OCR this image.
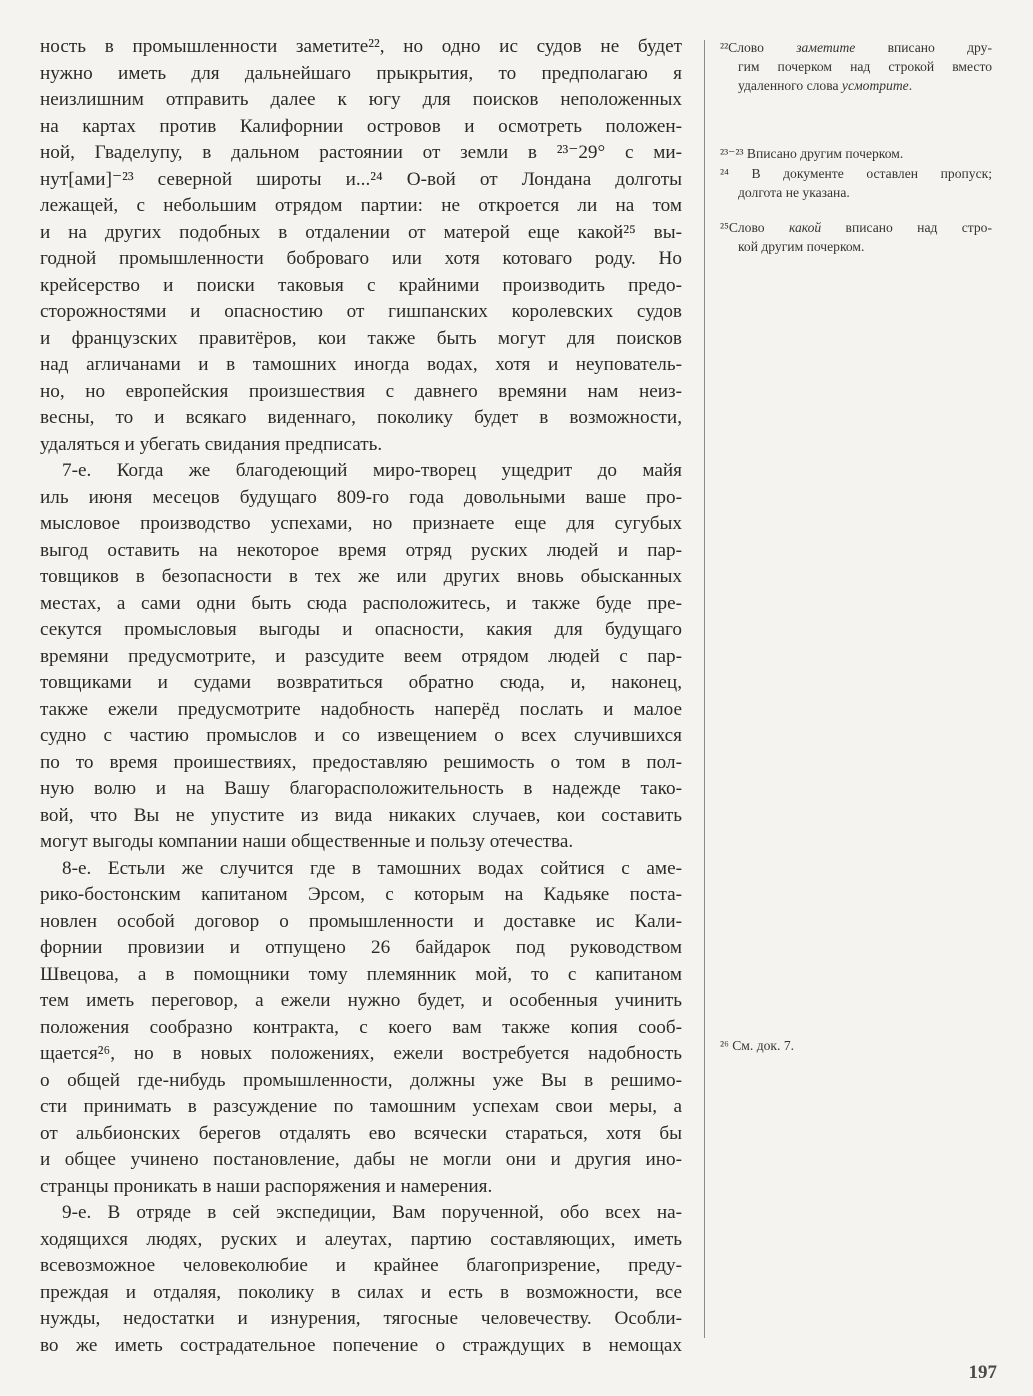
ность в промышленности заметите²², но одно ис судов не будет
нужно иметь для дальнейшаго прыкрытия, то предполагаю я
неизлишним отправить далее к югу для поисков неположенных
на картах против Калифорнии островов и осмотреть положен-
ной, Гваделупу, в дальном растоянии от земли в ²³⁻29° с ми-
нут[ами]⁻²³ северной широты и...²⁴ О-вой от Лондана долготы
лежащей, с небольшим отрядом партии: не откроется ли на том
и на других подобных в отдалении от матерой еще какой²⁵ вы-
годной промышленности боброваго или хотя котоваго роду. Но
крейсерство и поиски таковыя с крайними производить предо-
сторожностями и опасностию от гишпанских королевских судов
и французских правитёров, кои также быть могут для поисков
над агличанами и в тамошних иногда водах, хотя и неупователь-
но, но европейския произшествия с давнего времяни нам неиз-
весны, то и всякаго виденнаго, поколику будет в возможности,
удаляться и убегать свидания предписать.
7-е. Когда же благодеющий миро-творец ущедрит до майя
иль июня месецов будущаго 809-го года довольными ваше про-
мысловое производство успехами, но признаете еще для сугубых
выгод оставить на некоторое время отряд руских людей и пар-
товщиков в безопасности в тех же или других вновь обысканных
местах, а сами одни быть сюда расположитесь, и также буде пре-
секутся промысловыя выгоды и опасности, какия для будущаго
времяни предусмотрите, и разсудите веем отрядом людей с пар-
товщиками и судами возвратиться обратно сюда, и, наконец,
также ежели предусмотрите надобность наперёд послать и малое
судно с частию промыслов и со извещением о всех случившихся
по то время проишествиях, предоставляю решимость о том в пол-
ную волю и на Вашу благорасположительность в надежде тако-
вой, что Вы не упустите из вида никаких случаев, кои составить
могут выгоды компании наши общественные и пользу отечества.
8-е. Естьли же случится где в тамошних водах сойтися с аме-
рико-бостонским капитаном Эрсом, с которым на Кадьяке поста-
новлен особой договор о промышленности и доставке ис Кали-
форнии провизии и отпущено 26 байдарок под руководством
Швецова, а в помощники тому племянник мой, то с капитаном
тем иметь переговор, а ежели нужно будет, и особенныя учинить
положения сообразно контракта, с коего вам также копия сооб-
щается²⁶, но в новых положениях, ежели востребуется надобность
о общей где-нибудь промышленности, должны уже Вы в решимо-
сти принимать в разсуждение по тамошним успехам свои меры, а
от альбионских берегов отдалять ево всячески стараться, хотя бы
и общее учинено постановление, дабы не могли они и другия ино-
странцы проникать в наши распоряжения и намерения.
9-е. В отряде в сей экспедиции, Вам порученной, обо всех на-
ходящихся людях, руских и алеутах, партию составляющих, иметь
всевозможное человеколюбие и крайнее благопризрение, преду-
преждая и отдаляя, поколику в силах и есть в возможности, все
нужды, недостатки и изнурения, тягосные человечеству. Особли-
во же иметь сострадательное попечение о страждущих в немощах
²²Слово заметите вписано дру-
гим почерком над строкой вместо
удаленного слова усмотрите.
²³⁻²³ Вписано другим почерком.
²⁴ В документе оставлен пропуск;
долгота не указана.
²⁵Слово какой вписано над стро-
кой другим почерком.
²⁶ См. док. 7.
197
